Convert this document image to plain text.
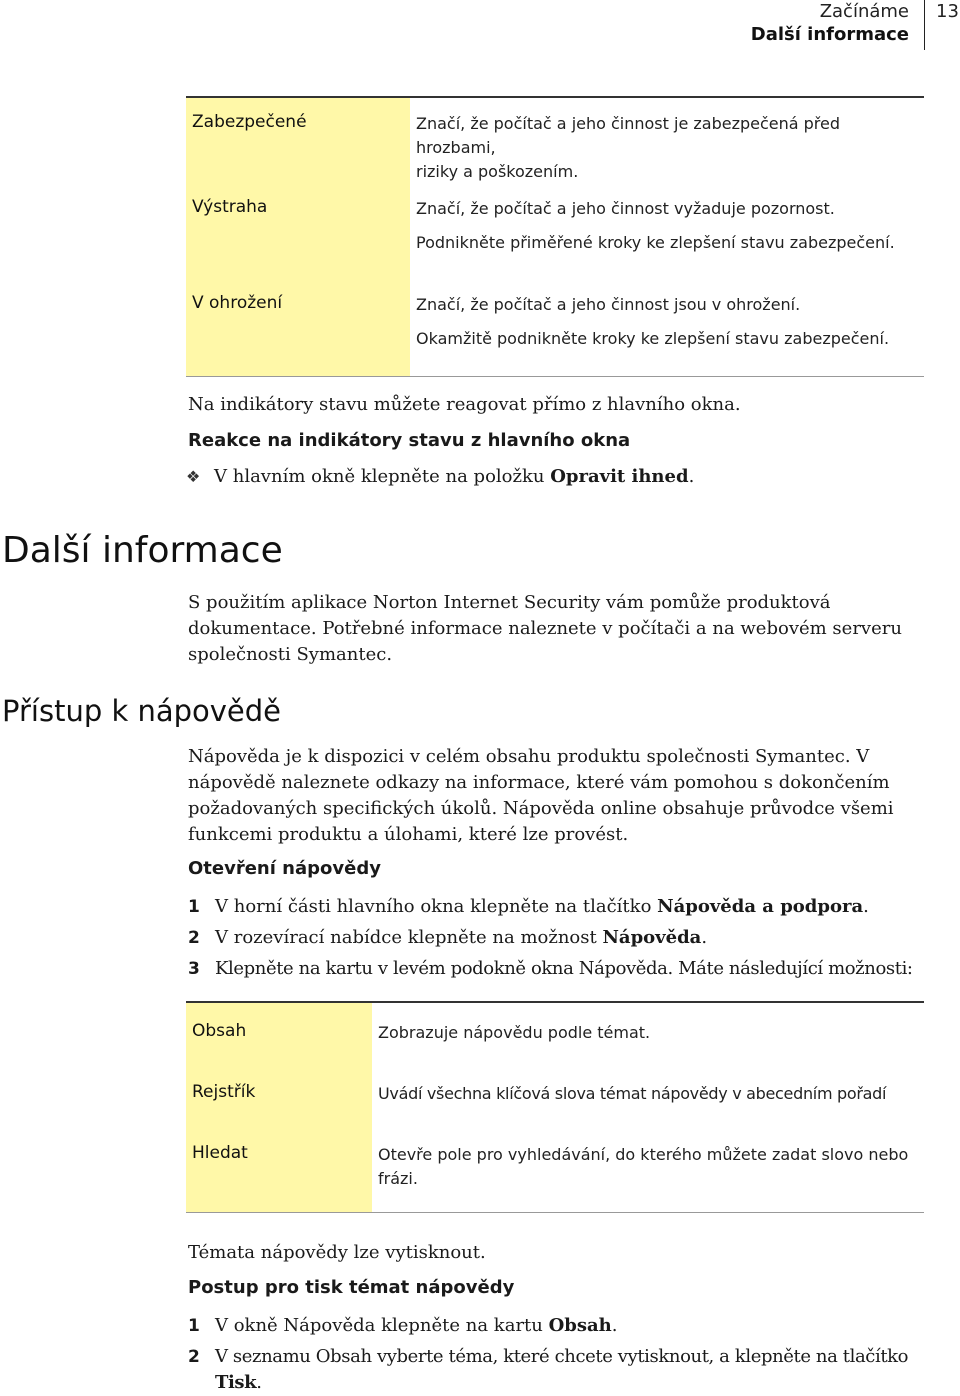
Začínáme
Další informace
13
Zabezpečené	Značí, že počítač a jeho činnost je zabezpečená před hrozbami,

riziky a poškozením.

Výstraha	Značí, že počítač a jeho činnost vyžaduje pozornost.

Podnikněte přiměřené kroky ke zlepšení stavu zabezpečení.

V ohrožení	Značí, že počítač a jeho činnost jsou v ohrožení.

Okamžitě podnikněte kroky ke zlepšení stavu zabezpečení.

Na indikátory stavu můžete reagovat přímo z hlavního okna.

Reakce na indikátory stavu z hlavního okna

❖ V hlavním okně klepněte na položku Opravit ihned.
Další informace

S použitím aplikace Norton Internet Security vám pomůže produktová dokumentace. Potřebné informace naleznete v počítači a na webovém serveru společnosti Symantec.

Přístup k nápovědě

Nápověda je k dispozici v celém obsahu produktu společnosti Symantec. V nápovědě naleznete odkazy na informace, které vám pomohou s dokončením požadovaných specifických úkolů. Nápověda online obsahuje průvodce všemi funkcemi produktu a úlohami, které lze provést.

Otevření nápovědy

1 V horní části hlavního okna klepněte na tlačítko Nápověda a podpora.
2 V rozevírací nabídce klepněte na možnost Nápověda.
3 Klepněte na kartu v levém podokně okna Nápověda. Máte následující možnosti:
Obsah	Zobrazuje nápovědu podle témat.

Rejstřík	Uvádí všechna klíčová slova témat nápovědy v abecedním pořadí

Hledat	Otevře pole pro vyhledávání, do kterého můžete zadat slovo nebo

frázi.

Témata nápovědy lze vytisknout.

Postup pro tisk témat nápovědy

1 V okně Nápověda klepněte na kartu Obsah.
2 V seznamu Obsah vyberte téma, které chcete vytisknout, a klepněte na tlačítko Tisk.
